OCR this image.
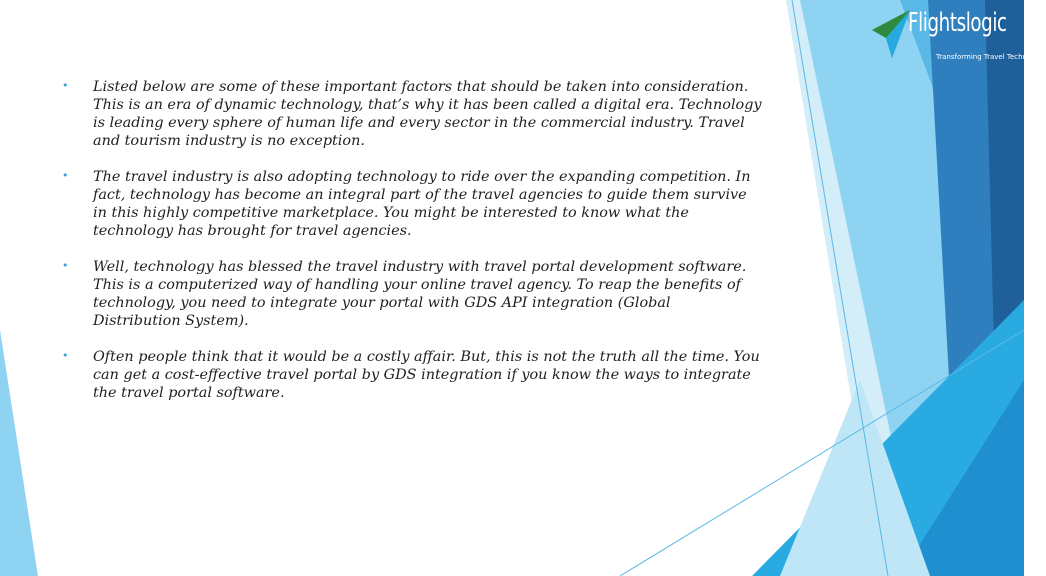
Flightslogic
Transforming Travel Technology
• Listed below are some of these important factors that should be taken into consideration. This is an era of dynamic technology, that’s why it has been called a digital era. Technology is leading every sphere of human life and every sector in the commercial industry. Travel and tourism industry is no exception.
• The travel industry is also adopting technology to ride over the expanding competition. In fact, technology has become an integral part of the travel agencies to guide them survive in this highly competitive marketplace. You might be interested to know what the technology has brought for travel agencies.
• Well, technology has blessed the travel industry with travel portal development software. This is a computerized way of handling your online travel agency. To reap the benefits of technology, you need to integrate your portal with GDS API integration (Global Distribution System).
• Often people think that it would be a costly affair. But, this is not the truth all the time. You can get a cost-effective travel portal by GDS integration if you know the ways to integrate the travel portal software.
